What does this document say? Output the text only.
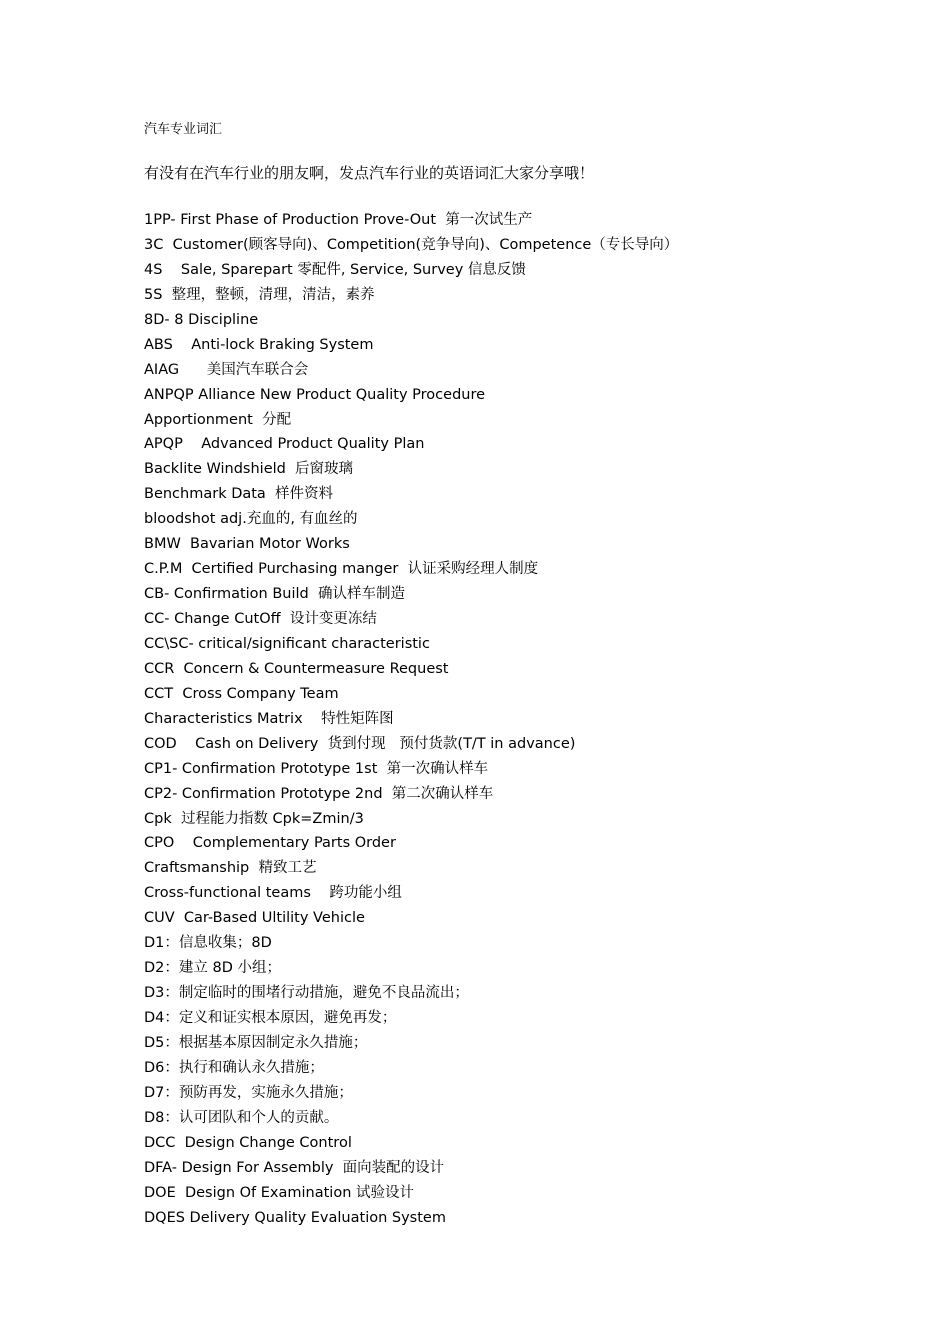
汽车专业词汇
有没有在汽车行业的朋友啊，发点汽车行业的英语词汇大家分享哦！
1PP- First Phase of Production Prove-Out  第一次试生产
3C  Customer(顾客导向)、Competition(竞争导向)、Competence（专长导向）
4S    Sale, Sparepart 零配件, Service, Survey 信息反馈
5S  整理，整顿，清理，清洁，素养
8D- 8 Discipline
ABS    Anti-lock Braking System
AIAG      美国汽车联合会
ANPQP Alliance New Product Quality Procedure
Apportionment  分配
APQP    Advanced Product Quality Plan
Backlite Windshield  后窗玻璃
Benchmark Data  样件资料
bloodshot adj.充血的, 有血丝的
BMW  Bavarian Motor Works
C.P.M  Certified Purchasing manger  认证采购经理人制度
CB- Confirmation Build  确认样车制造
CC- Change CutOff  设计变更冻结
CC\SC- critical/significant characteristic
CCR  Concern & Countermeasure Request
CCT  Cross Company Team
Characteristics Matrix    特性矩阵图
COD    Cash on Delivery  货到付现   预付货款(T/T in advance)
CP1- Confirmation Prototype 1st  第一次确认样车
CP2- Confirmation Prototype 2nd  第二次确认样车
Cpk  过程能力指数 Cpk=Zmin/3
CPO    Complementary Parts Order
Craftsmanship  精致工艺
Cross-functional teams    跨功能小组
CUV  Car-Based Ultility Vehicle
D1：信息收集；8D
D2：建立 8D 小组；
D3：制定临时的围堵行动措施，避免不良品流出；
D4：定义和证实根本原因，避免再发；
D5：根据基本原因制定永久措施；
D6：执行和确认永久措施；
D7：预防再发，实施永久措施；
D8：认可团队和个人的贡献。
DCC  Design Change Control
DFA- Design For Assembly  面向装配的设计
DOE  Design Of Examination 试验设计
DQES Delivery Quality Evaluation System
